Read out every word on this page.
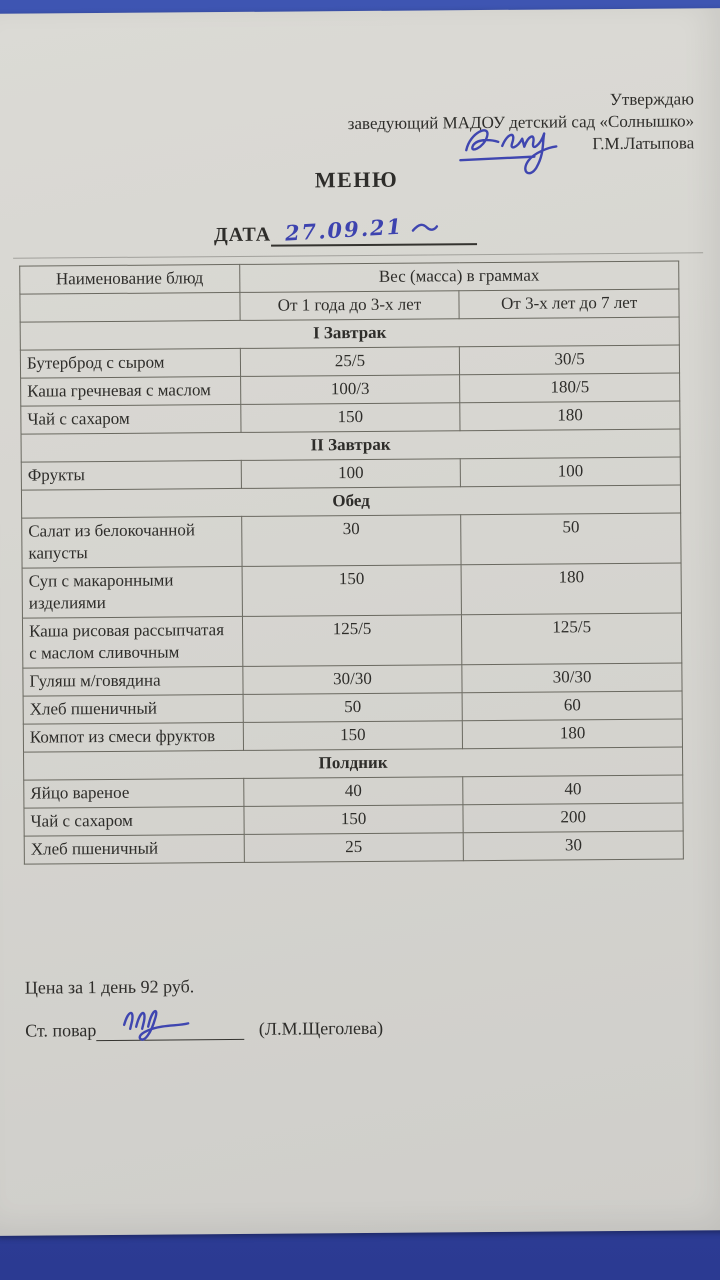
Утверждаю
заведующий МАДОУ детский сад «Солнышко»
Г.М.Латыпова
МЕНЮ
ДАТА 27.09.21
Наименование блюд	Вес (масса) в граммах	
	От 1 года до 3-х лет	От 3-х лет до 7 лет
I Завтрак		
Бутерброд с сыром	25/5	30/5
Каша гречневая с маслом	100/3	180/5
Чай с сахаром	150	180
II Завтрак		
Фрукты	100	100
Обед		
Салат из белокочанной капусты	30	50
Суп с макаронными изделиями	150	180
Каша рисовая рассыпчатая с маслом сливочным	125/5	125/5
Гуляш м/говядина	30/30	30/30
Хлеб пшеничный	50	60
Компот из смеси фруктов	150	180
Полдник		
Яйцо вареное	40	40
Чай с сахаром	150	200
Хлеб пшеничный	25	30
Цена за 1 день 92 руб.
Ст. повар	(Л.М.Щеголева)
